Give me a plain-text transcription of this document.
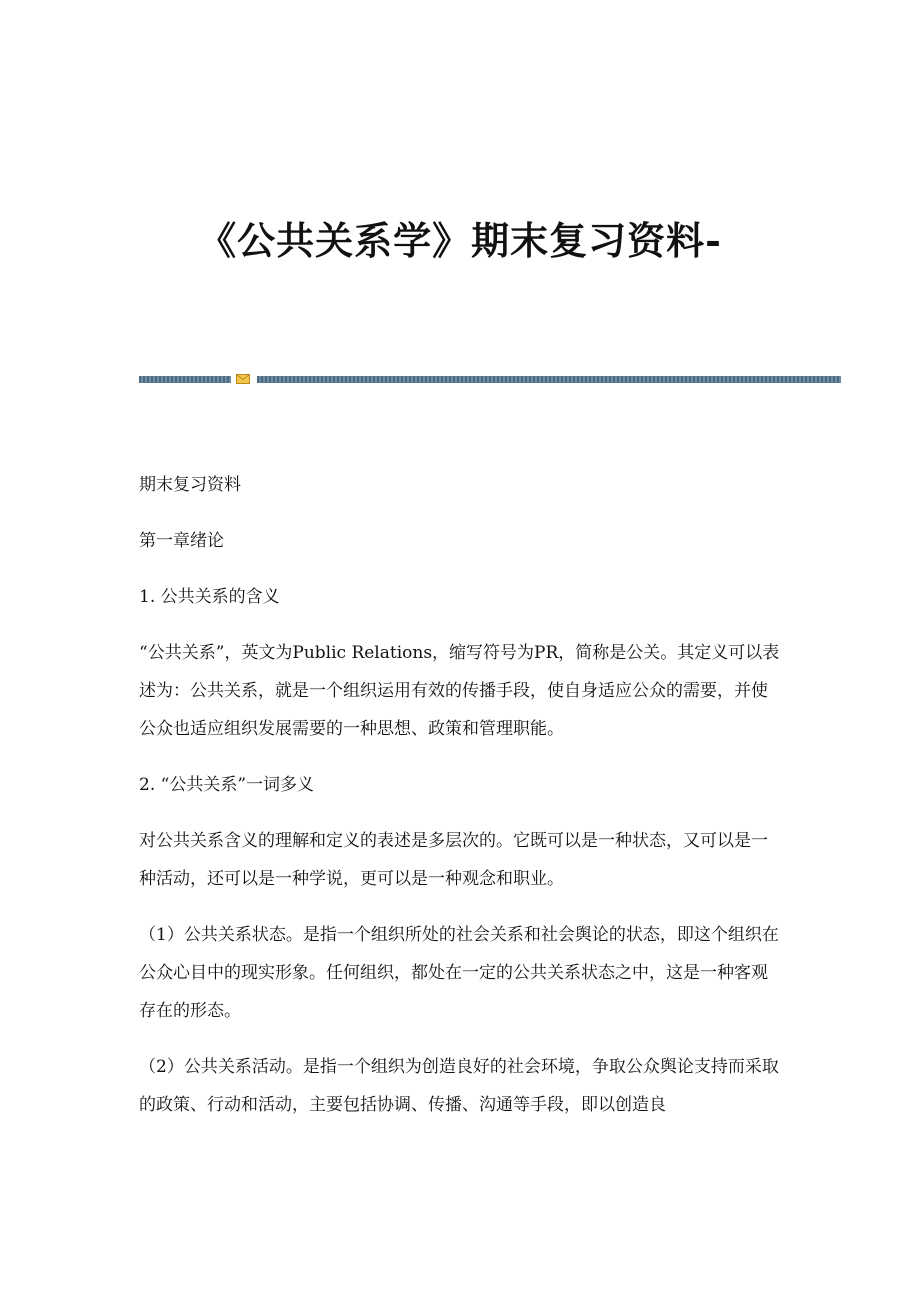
《公共关系学》期末复习资料-

期末复习资料

第一章绪论

1. 公共关系的含义

“公共关系”，英文为Public Relations，缩写符号为PR，简称是公关。其定义可以表述为：公共关系，就是一个组织运用有效的传播手段，使自身适应公众的需要，并使公众也适应组织发展需要的一种思想、政策和管理职能。

2. “公共关系”一词多义

对公共关系含义的理解和定义的表述是多层次的。它既可以是一种状态，又可以是一种活动，还可以是一种学说，更可以是一种观念和职业。

（1）公共关系状态。是指一个组织所处的社会关系和社会舆论的状态，即这个组织在公众心目中的现实形象。任何组织，都处在一定的公共关系状态之中，这是一种客观存在的形态。

（2）公共关系活动。是指一个组织为创造良好的社会环境，争取公众舆论支持而采取的政策、行动和活动，主要包括协调、传播、沟通等手段，即以创造良
